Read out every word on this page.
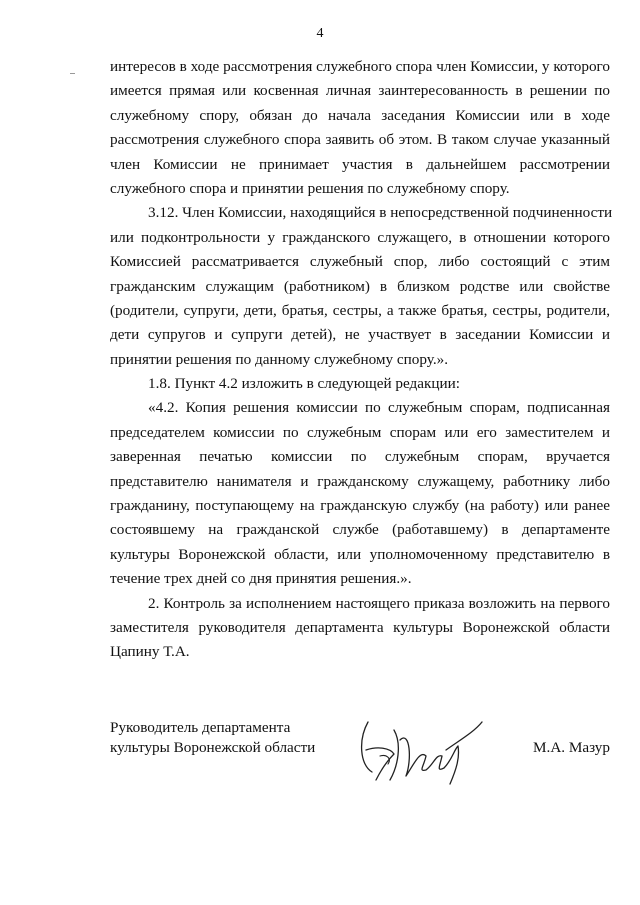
4
интересов в ходе рассмотрения служебного спора член Комиссии, у которого
имеется прямая или косвенная личная заинтересованность в решении по
служебному спору, обязан до начала заседания Комиссии или в ходе
рассмотрения служебного спора заявить об этом. В таком случае указанный
член Комиссии не принимает участия в дальнейшем рассмотрении
служебного спора и принятии решения по служебному спору.
3.12. Член Комиссии, находящийся в непосредственной подчиненности
или подконтрольности у гражданского служащего, в отношении которого
Комиссией рассматривается служебный спор, либо состоящий с этим
гражданским служащим (работником) в близком родстве или свойстве
(родители, супруги, дети, братья, сестры, а также братья, сестры, родители,
дети супругов и супруги детей), не участвует в заседании Комиссии и
принятии решения по данному служебному спору.».
1.8. Пункт 4.2 изложить в следующей редакции:
«4.2. Копия решения комиссии по служебным спорам, подписанная
председателем комиссии по служебным спорам или его заместителем и
заверенная печатью комиссии по служебным спорам, вручается
представителю нанимателя и гражданскому служащему, работнику либо
гражданину, поступающему на гражданскую службу (на работу) или ранее
состоявшему на гражданской службе (работавшему) в департаменте
культуры Воронежской области, или уполномоченному представителю в
течение трех дней со дня принятия решения.».
2. Контроль за исполнением настоящего приказа возложить на первого
заместителя руководителя департамента культуры Воронежской области
Цапину Т.А.
Руководитель департамента
культуры Воронежской области	М.А. Мазур
